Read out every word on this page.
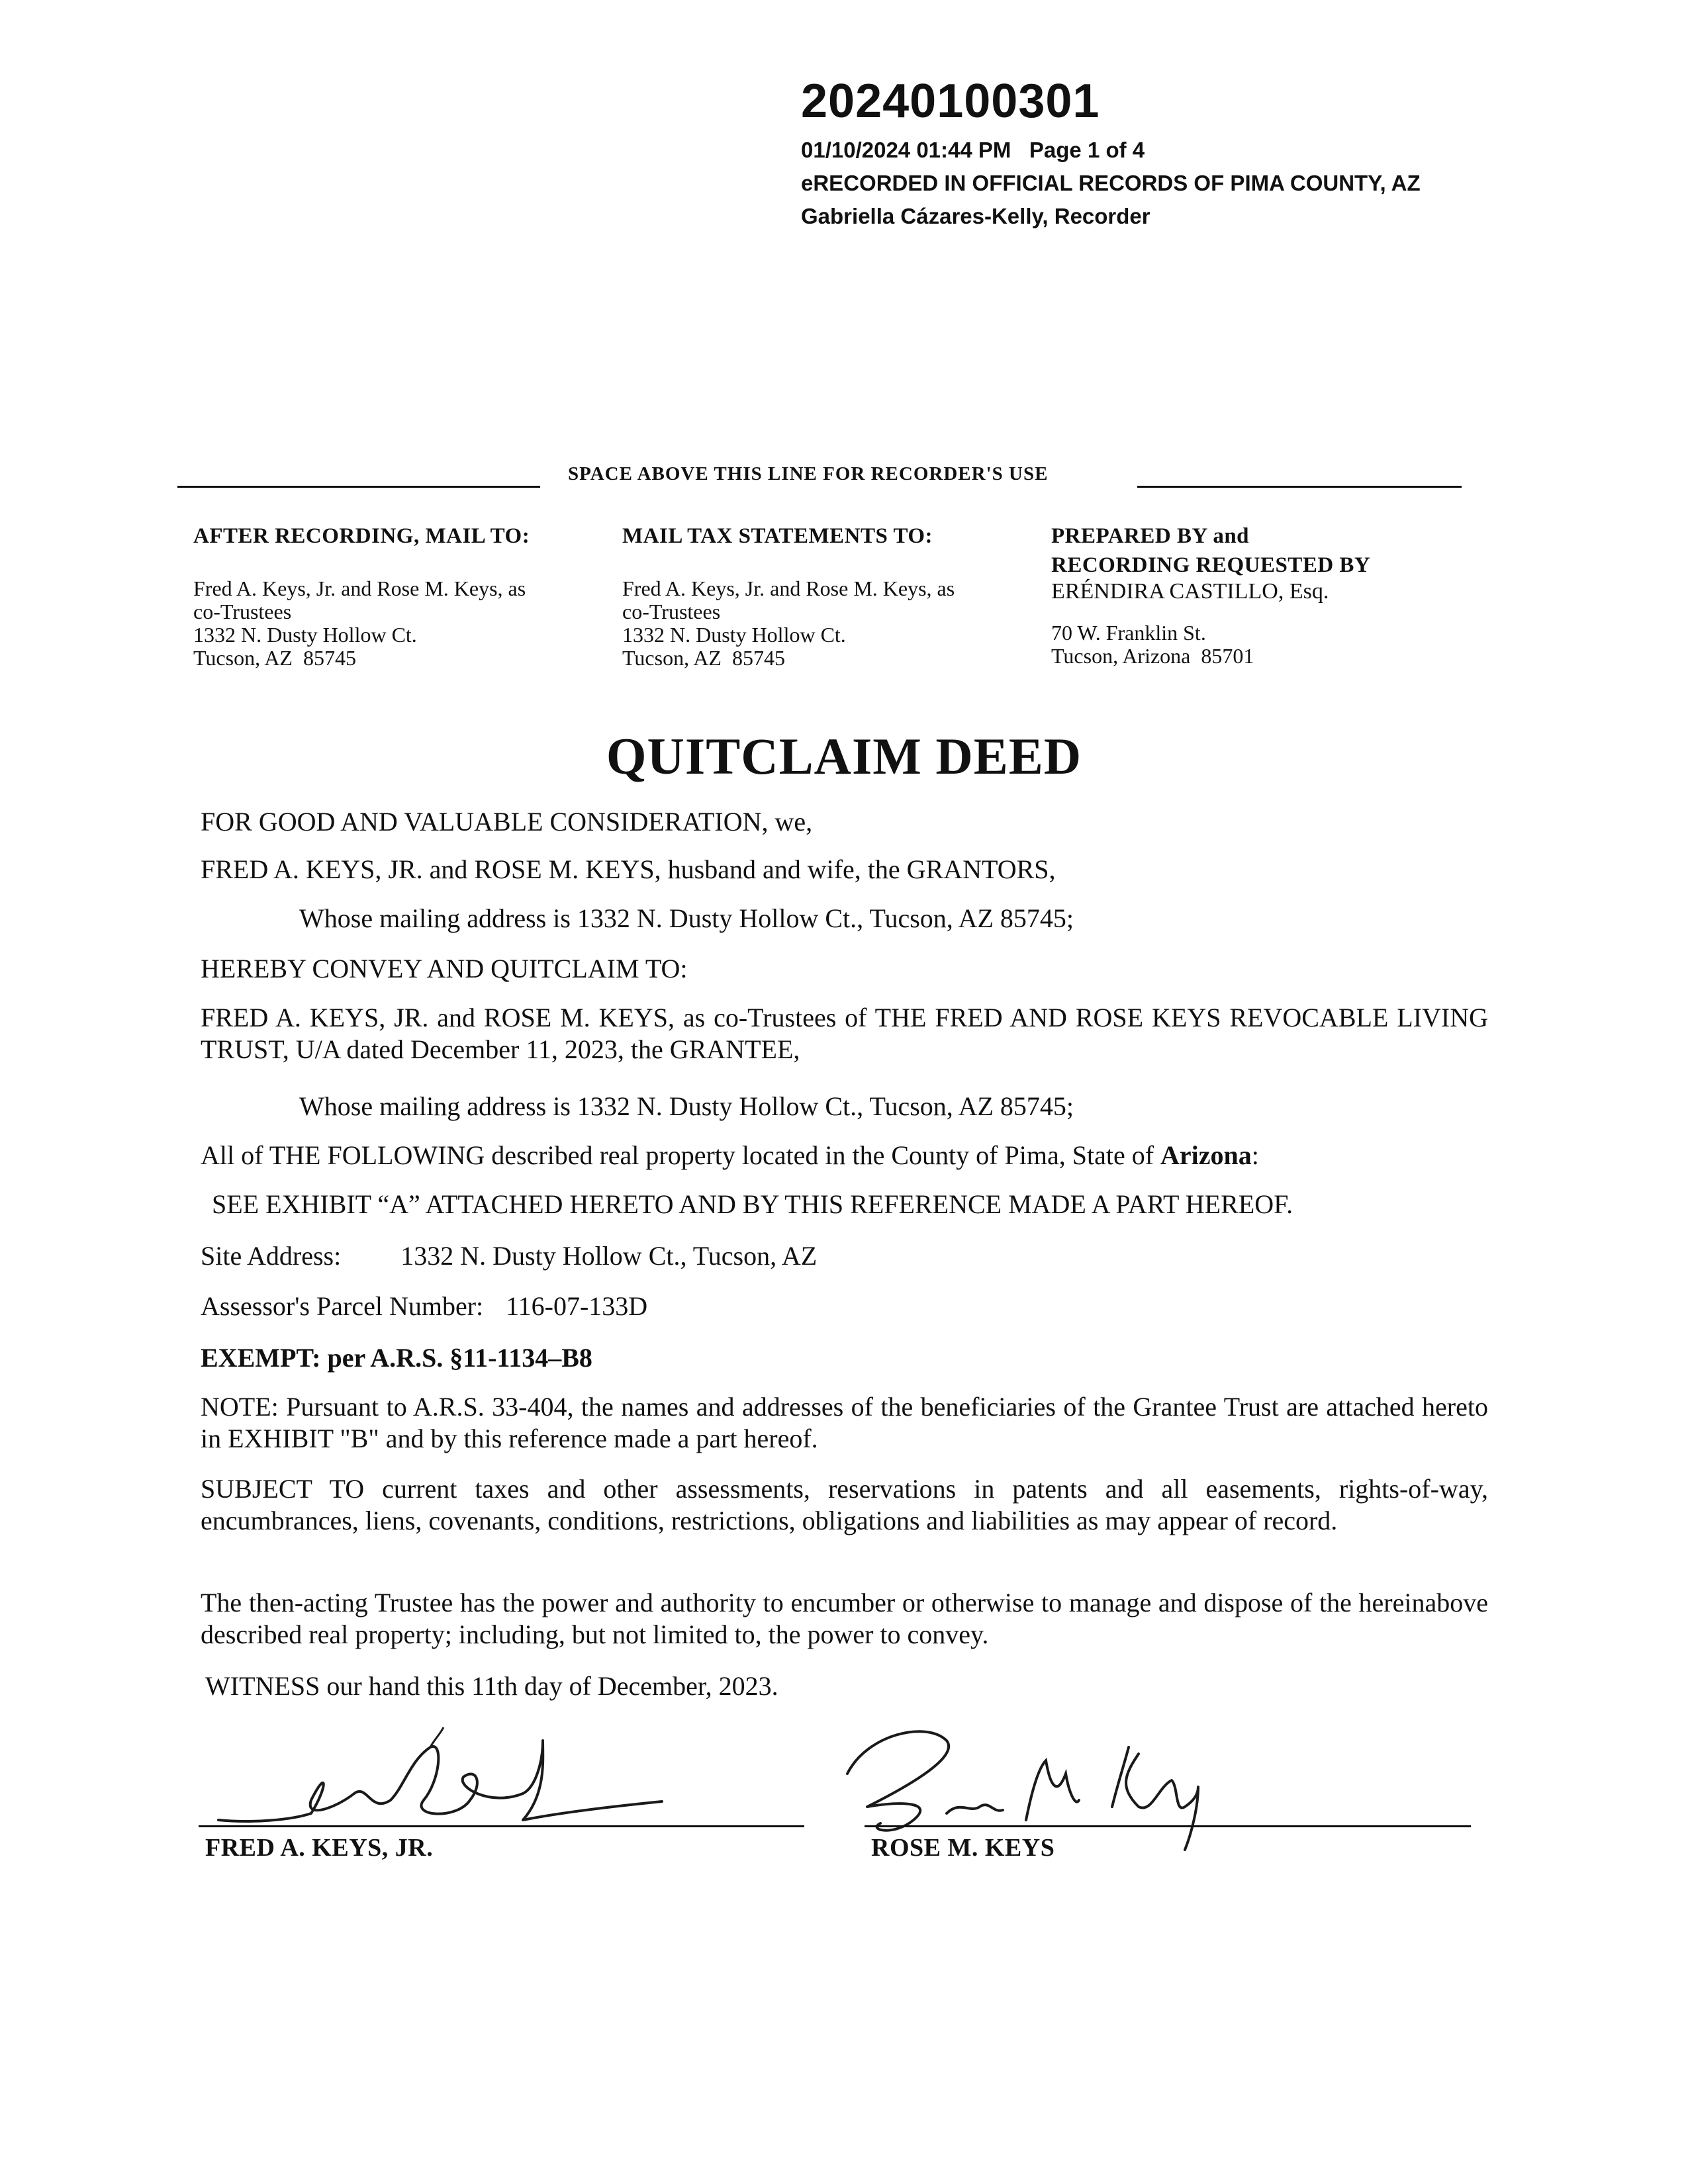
20240100301
01/10/2024 01:44 PM   Page 1 of 4
eRECORDED IN OFFICIAL RECORDS OF PIMA COUNTY, AZ
Gabriella Cázares-Kelly, Recorder
SPACE ABOVE THIS LINE FOR RECORDER'S USE
AFTER RECORDING, MAIL TO:
Fred A. Keys, Jr. and Rose M. Keys, as
co-Trustees
1332 N. Dusty Hollow Ct.
Tucson, AZ  85745
MAIL TAX STATEMENTS TO:
Fred A. Keys, Jr. and Rose M. Keys, as
co-Trustees
1332 N. Dusty Hollow Ct.
Tucson, AZ  85745
PREPARED BY and
RECORDING REQUESTED BY
ERÉNDIRA CASTILLO, Esq.
70 W. Franklin St.
Tucson, Arizona  85701
QUITCLAIM DEED
FOR GOOD AND VALUABLE CONSIDERATION, we,
FRED A. KEYS, JR. and ROSE M. KEYS, husband and wife, the GRANTORS,
Whose mailing address is 1332 N. Dusty Hollow Ct., Tucson, AZ 85745;
HEREBY CONVEY AND QUITCLAIM TO:
FRED A. KEYS, JR. and ROSE M. KEYS, as co-Trustees of THE FRED AND ROSE KEYS REVOCABLE LIVING TRUST, U/A dated December 11, 2023, the GRANTEE,
Whose mailing address is 1332 N. Dusty Hollow Ct., Tucson, AZ 85745;
All of THE FOLLOWING described real property located in the County of Pima, State of Arizona:
SEE EXHIBIT “A” ATTACHED HERETO AND BY THIS REFERENCE MADE A PART HEREOF.
Site Address: 1332 N. Dusty Hollow Ct., Tucson, AZ
Assessor's Parcel Number: 116-07-133D
EXEMPT: per A.R.S. §11-1134–B8
NOTE: Pursuant to A.R.S. 33-404, the names and addresses of the beneficiaries of the Grantee Trust are attached hereto in EXHIBIT "B" and by this reference made a part hereof.
SUBJECT TO current taxes and other assessments, reservations in patents and all easements, rights-of-way, encumbrances, liens, covenants, conditions, restrictions, obligations and liabilities as may appear of record.
The then-acting Trustee has the power and authority to encumber or otherwise to manage and dispose of the hereinabove described real property; including, but not limited to, the power to convey.
WITNESS our hand this 11th day of December, 2023.
FRED A. KEYS, JR.	ROSE M. KEYS
